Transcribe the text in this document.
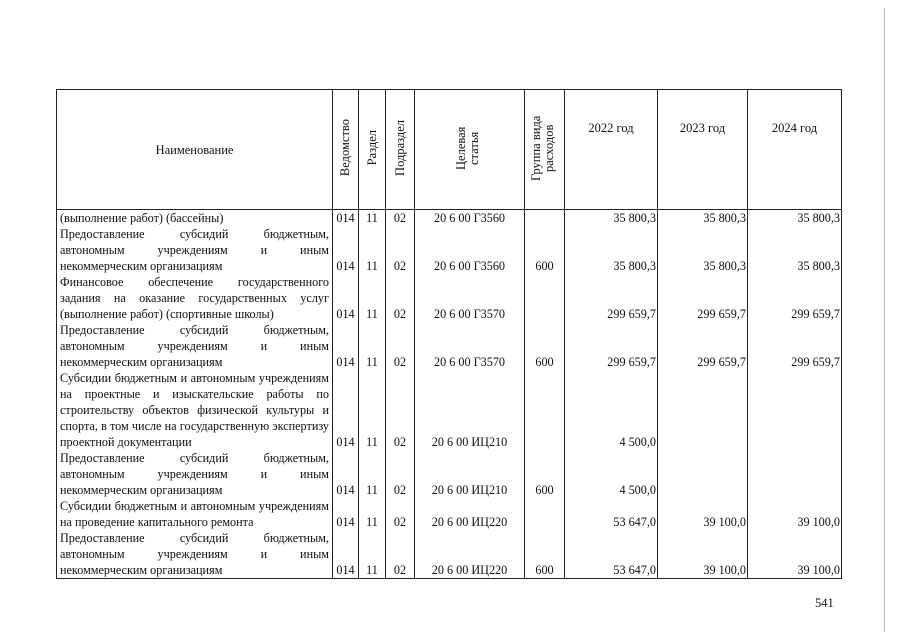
Наименование	Ведомство	Раздел	Подраздел	Целевая статья	Группа вида расходов	2022 год	2023 год	2024 год
(выполнение работ) (бассейны)	014	11	02	20 6 00 Г3560		35 800,3	35 800,3	35 800,3
Предоставление субсидий бюджетным, автономным учреждениям и иным некоммерческим организациям	014	11	02	20 6 00 Г3560	600	35 800,3	35 800,3	35 800,3
Финансовое обеспечение государственного задания на оказание государственных услуг (выполнение работ) (спортивные школы)	014	11	02	20 6 00 Г3570		299 659,7	299 659,7	299 659,7
Предоставление субсидий бюджетным, автономным учреждениям и иным некоммерческим организациям	014	11	02	20 6 00 Г3570	600	299 659,7	299 659,7	299 659,7
Субсидии бюджетным и автономным учреждениям на проектные и изыскательские работы по строительству объектов физической культуры и спорта, в том числе на государственную экспертизу проектной документации	014	11	02	20 6 00 ИЦ210		4 500,0		
Предоставление субсидий бюджетным, автономным учреждениям и иным некоммерческим организациям	014	11	02	20 6 00 ИЦ210	600	4 500,0		
Субсидии бюджетным и автономным учреждениям на проведение капитального ремонта	014	11	02	20 6 00 ИЦ220		53 647,0	39 100,0	39 100,0
Предоставление субсидий бюджетным, автономным учреждениям и иным некоммерческим организациям	014	11	02	20 6 00 ИЦ220	600	53 647,0	39 100,0	39 100,0
541
